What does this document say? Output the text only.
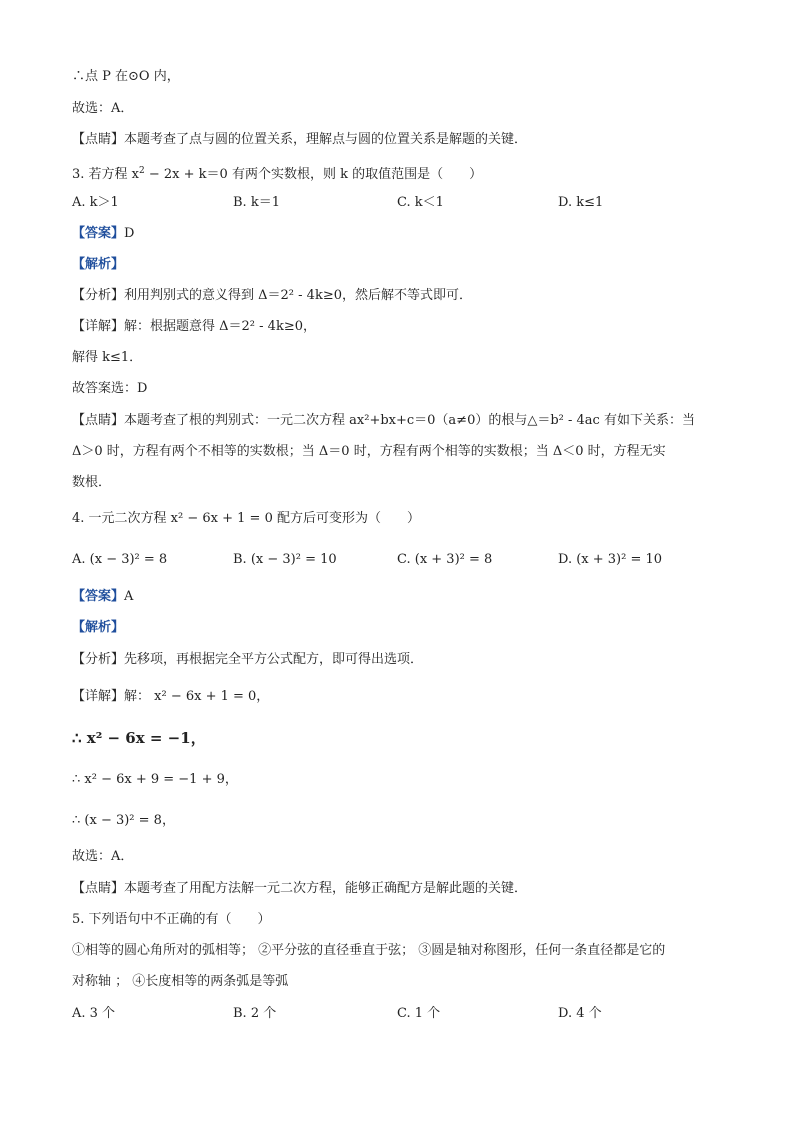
∴点 P 在⊙O 内，
故选：A．
【点睛】本题考查了点与圆的位置关系，理解点与圆的位置关系是解题的关键．
3. 若方程 $x^2 - 2x + k=0$ 有两个实数根，则 k 的取值范围是（　　）
A. k＞1	B. k＝1	C. k＜1	D. k≤1
【答案】D
【解析】
【分析】利用判别式的意义得到 Δ＝2² - 4k≥0，然后解不等式即可．
【详解】解：根据题意得 Δ＝2² - 4k≥0，
解得 k≤1．
故答案选：D
【点睛】本题考查了根的判别式：一元二次方程 ax²+bx+c＝0（a≠0）的根与△＝b² - 4ac 有如下关系：当
Δ＞0 时，方程有两个不相等的实数根；当 Δ＝0 时，方程有两个相等的实数根；当 Δ＜0 时，方程无实
数根．
4. 一元二次方程 x² − 6x + 1 = 0 配方后可变形为（　　）
A. (x − 3)² = 8	B. (x − 3)² = 10	C. (x + 3)² = 8	D. (x + 3)² = 10
【答案】A
【解析】
【分析】先移项，再根据完全平方公式配方，即可得出选项．
【详解】解： x² − 6x + 1 = 0，
∴ x² − 6x = −1，
∴ x² − 6x + 9 = −1 + 9，
∴ (x − 3)² = 8，
故选：A．
【点睛】本题考查了用配方法解一元二次方程，能够正确配方是解此题的关键．
5. 下列语句中不正确的有（　　）
①相等的圆心角所对的弧相等； ②平分弦的直径垂直于弦； ③圆是轴对称图形，任何一条直径都是它的
对称轴 ； ④长度相等的两条弧是等弧
A. 3 个	B. 2 个	C. 1 个	D. 4 个
